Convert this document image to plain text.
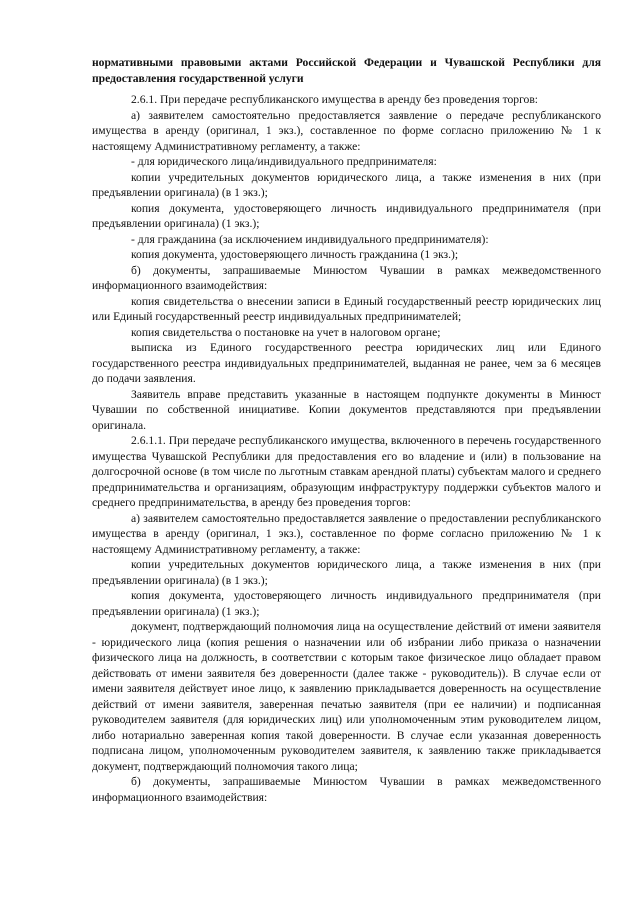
нормативными правовыми актами Российской Федерации и Чувашской Республики для предоставления государственной услуги

2.6.1. При передаче республиканского имущества в аренду без проведения торгов:

а) заявителем самостоятельно предоставляется заявление о передаче республиканского имущества в аренду (оригинал, 1 экз.), составленное по форме согласно приложению № 1 к настоящему Административному регламенту, а также:

- для юридического лица/индивидуального предпринимателя:

копии учредительных документов юридического лица, а также изменения в них (при предъявлении оригинала) (в 1 экз.);

копия документа, удостоверяющего личность индивидуального предпринимателя (при предъявлении оригинала) (1 экз.);

- для гражданина (за исключением индивидуального предпринимателя):

копия документа, удостоверяющего личность гражданина (1 экз.);

б) документы, запрашиваемые Минюстом Чувашии в рамках межведомственного информационного взаимодействия:

копия свидетельства о внесении записи в Единый государственный реестр юридических лиц или Единый государственный реестр индивидуальных предпринимателей;

копия свидетельства о постановке на учет в налоговом органе;

выписка из Единого государственного реестра юридических лиц или Единого государственного реестра индивидуальных предпринимателей, выданная не ранее, чем за 6 месяцев до подачи заявления.

Заявитель вправе представить указанные в настоящем подпункте документы в Минюст Чувашии по собственной инициативе. Копии документов представляются при предъявлении оригинала.

2.6.1.1. При передаче республиканского имущества, включенного в перечень государственного имущества Чувашской Республики для предоставления его во владение и (или) в пользование на долгосрочной основе (в том числе по льготным ставкам арендной платы) субъектам малого и среднего предпринимательства и организациям, образующим инфраструктуру поддержки субъектов малого и среднего предпринимательства, в аренду без проведения торгов:

а) заявителем самостоятельно предоставляется заявление о предоставлении республиканского имущества в аренду (оригинал, 1 экз.), составленное по форме согласно приложению № 1 к настоящему Административному регламенту, а также:

копии учредительных документов юридического лица, а также изменения в них (при предъявлении оригинала) (в 1 экз.);

копия документа, удостоверяющего личность индивидуального предпринимателя (при предъявлении оригинала) (1 экз.);

документ, подтверждающий полномочия лица на осуществление действий от имени заявителя - юридического лица (копия решения о назначении или об избрании либо приказа о назначении физического лица на должность, в соответствии с которым такое физическое лицо обладает правом действовать от имени заявителя без доверенности (далее также - руководитель)). В случае если от имени заявителя действует иное лицо, к заявлению прикладывается доверенность на осуществление действий от имени заявителя, заверенная печатью заявителя (при ее наличии) и подписанная руководителем заявителя (для юридических лиц) или уполномоченным этим руководителем лицом, либо нотариально заверенная копия такой доверенности. В случае если указанная доверенность подписана лицом, уполномоченным руководителем заявителя, к заявлению также прикладывается документ, подтверждающий полномочия такого лица;

б) документы, запрашиваемые Минюстом Чувашии в рамках межведомственного информационного взаимодействия:
